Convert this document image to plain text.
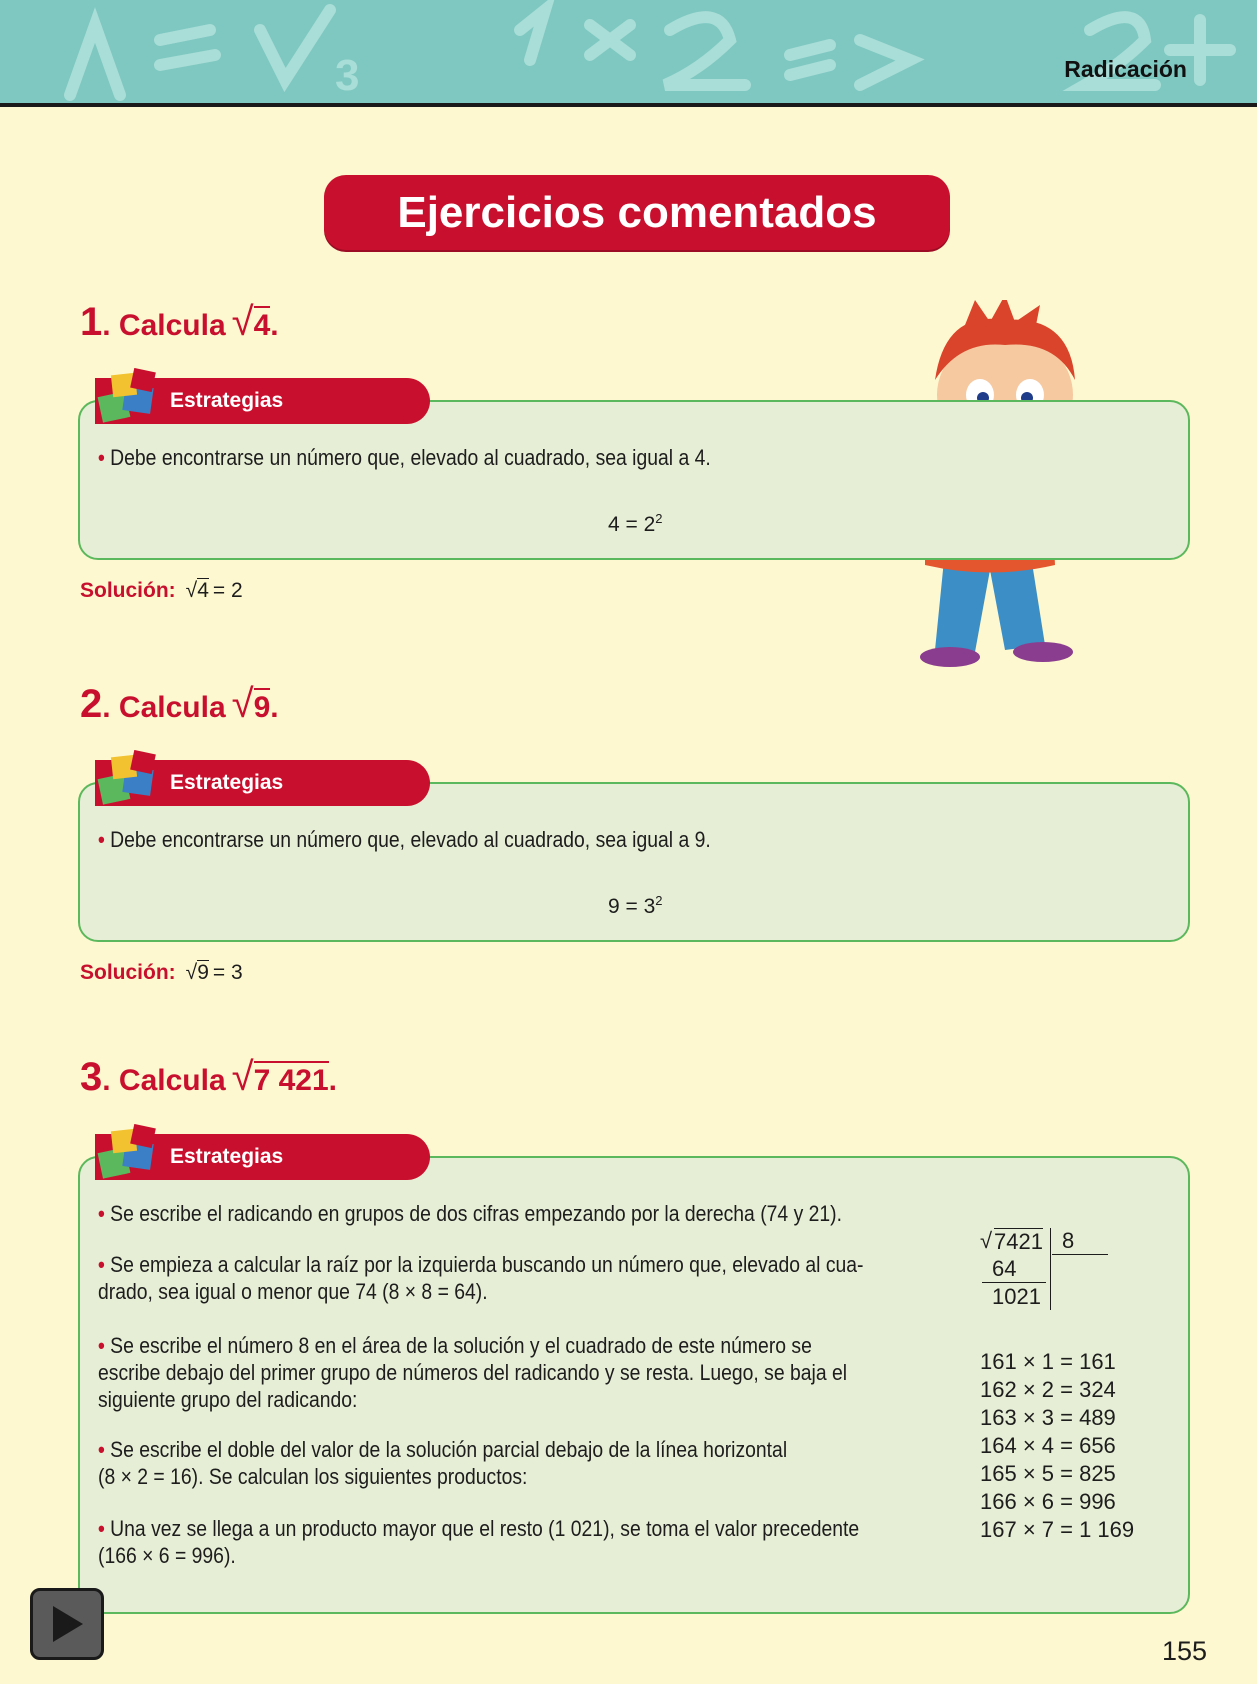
3	Radicación
Ejercicios comentados
1 . Calcula √4.
Estrategias
• Debe encontrarse un número que, elevado al cuadrado, sea igual a 4.
$4 = 2^2$
Solución: √ 4 = 2
2 . Calcula √9.
Estrategias
• Debe encontrarse un número que, elevado al cuadrado, sea igual a 9.
$9 = 3^2$
Solución: √ 9 = 3
3 . Calcula √7 421.
Estrategias
• Se escribe el radicando en grupos de dos cifras empezando por la derecha (74 y 21).
• Se empieza a calcular la raíz por la izquierda buscando un número que, elevado al cua-
drado, sea igual o menor que 74 (8 × 8 = 64).
• Se escribe el número 8 en el área de la solución y el cuadrado de este número se
escribe debajo del primer grupo de números del radicando y se resta. Luego, se baja el
siguiente grupo del radicando:
• Se escribe el doble del valor de la solución parcial debajo de la línea horizontal
(8 × 2 = 16). Se calculan los siguientes productos:
• Una vez se llega a un producto mayor que el resto (1 021), se toma el valor precedente
(166 × 6 = 996).
√ 7421 8
64
1021
161 × 1 = 161
162 × 2 = 324
163 × 3 = 489
164 × 4 = 656
165 × 5 = 825
166 × 6 = 996
167 × 7 = 1 169
155
